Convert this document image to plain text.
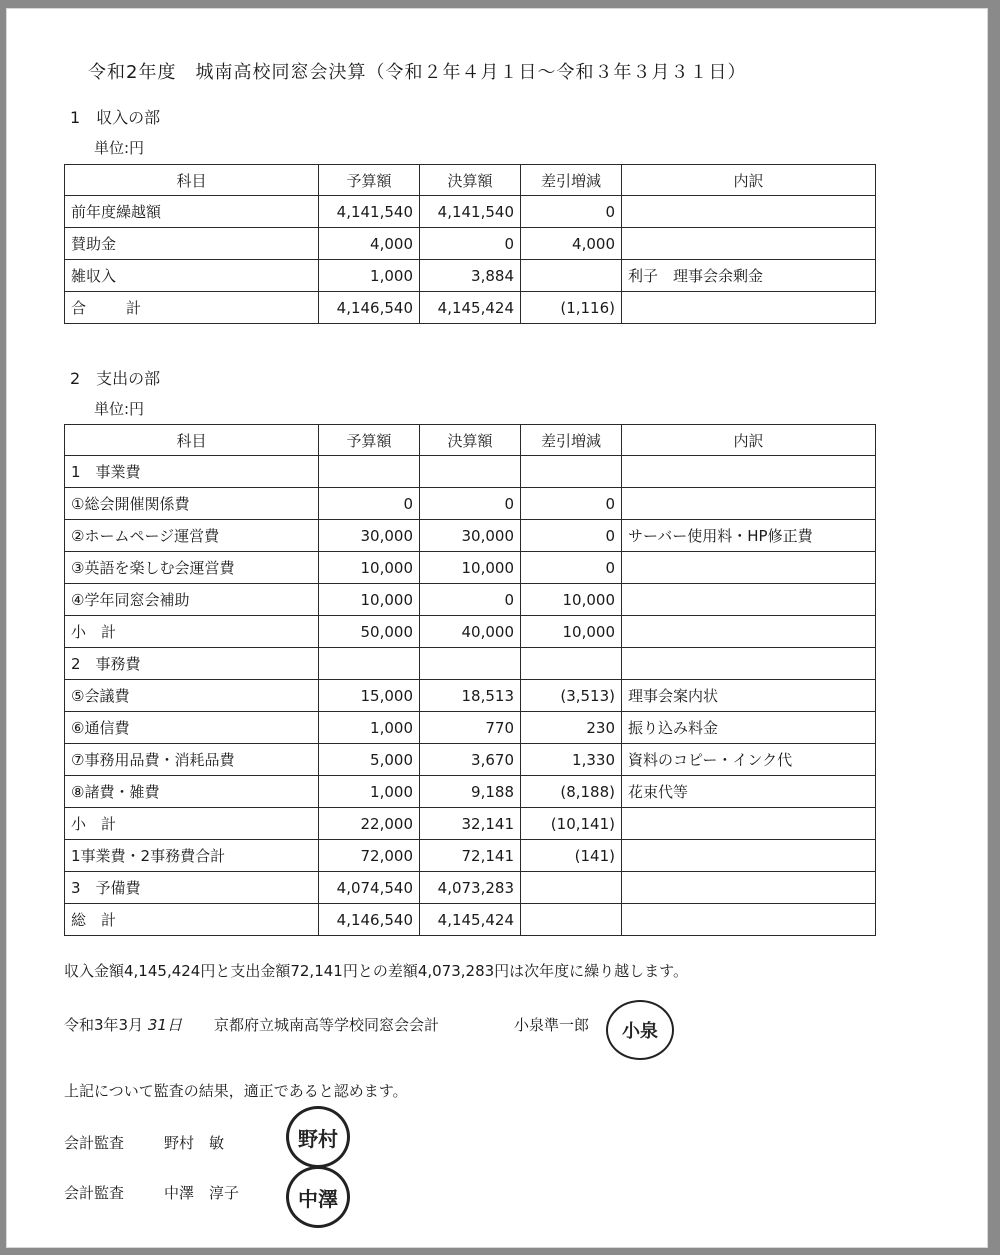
令和2年度　城南高校同窓会決算（令和２年４月１日～令和３年３月３１日）
1　収入の部
単位:円
科目	予算額	決算額	差引増減	内訳
前年度繰越額	4,141,540	4,141,540	0	
賛助金	4,000	0	4,000	
雑収入	1,000	3,884		利子　理事会余剰金
合計	4,146,540	4,145,424	(1,116)	
2　支出の部
単位:円
科目	予算額	決算額	差引増減	内訳
1　事業費				
①総会開催関係費	0	0	0	
②ホームページ運営費	30,000	30,000	0	サーバー使用料・HP修正費
③英語を楽しむ会運営費	10,000	10,000	0	
④学年同窓会補助	10,000	0	10,000	
小　計	50,000	40,000	10,000	
2　事務費				
⑤会議費	15,000	18,513	(3,513)	理事会案内状
⑥通信費	1,000	770	230	振り込み料金
⑦事務用品費・消耗品費	5,000	3,670	1,330	資料のコピー・インク代
⑧諸費・雑費	1,000	9,188	(8,188)	花束代等
小　計	22,000	32,141	(10,141)	
1事業費・2事務費合計	72,000	72,141	(141)	
3　予備費	4,074,540	4,073,283		
総　計	4,146,540	4,145,424		
収入金額4,145,424円と支出金額72,141円との差額4,073,283円は次年度に繰り越します。
令和3年3月 31日 京都府立城南高等学校同窓会会計	小泉準一郎	小泉
上記について監査の結果，適正であると認めます。
会計監査	野村　敏	野村
会計監査	中澤　淳子	中澤
